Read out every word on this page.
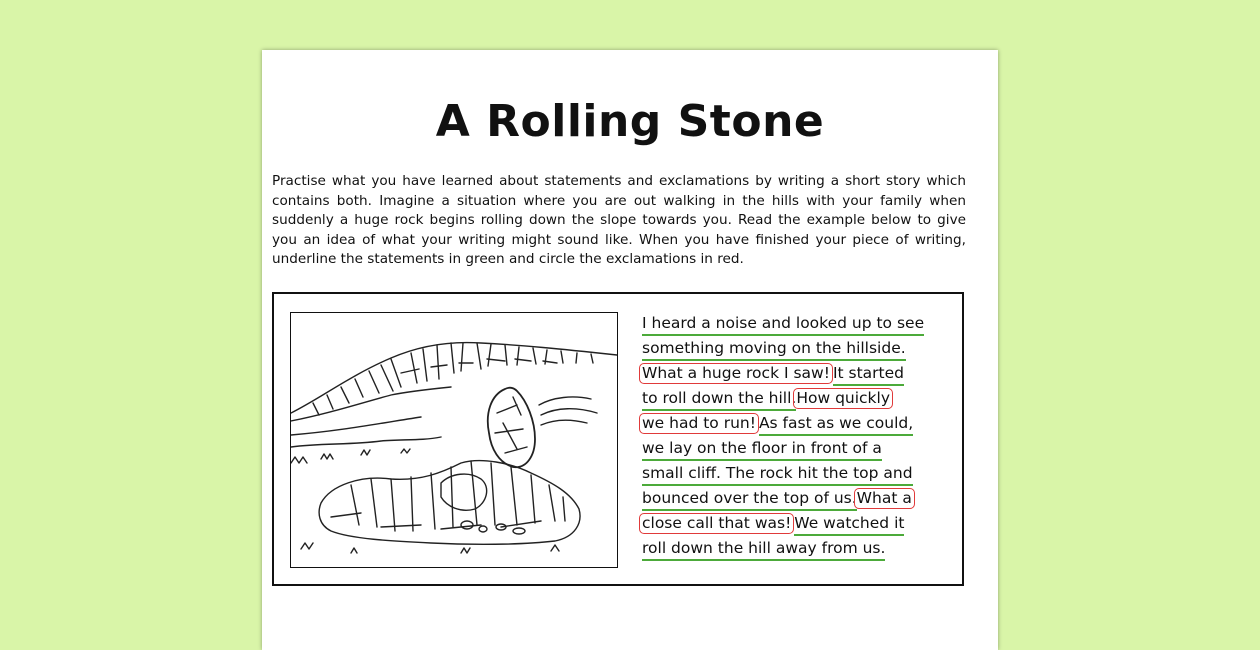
A Rolling Stone
Practise what you have learned about statements and exclamations by writing a short story which contains both. Imagine a situation where you are out walking in the hills with your family when suddenly a huge rock begins rolling down the slope towards you. Read the example below to give you an idea of what your writing might sound like. When you have finished your piece of writing, underline the statements in green and circle the exclamations in red.
I heard a noise and looked up to see
something moving on the hillside.
What a huge rock I saw!It started
to roll down the hill.How quickly
we had to run!As fast as we could,
we lay on the floor in front of a
small cliff. The rock hit the top and
bounced over the top of us.What a
close call that was!We watched it
roll down the hill away from us.
